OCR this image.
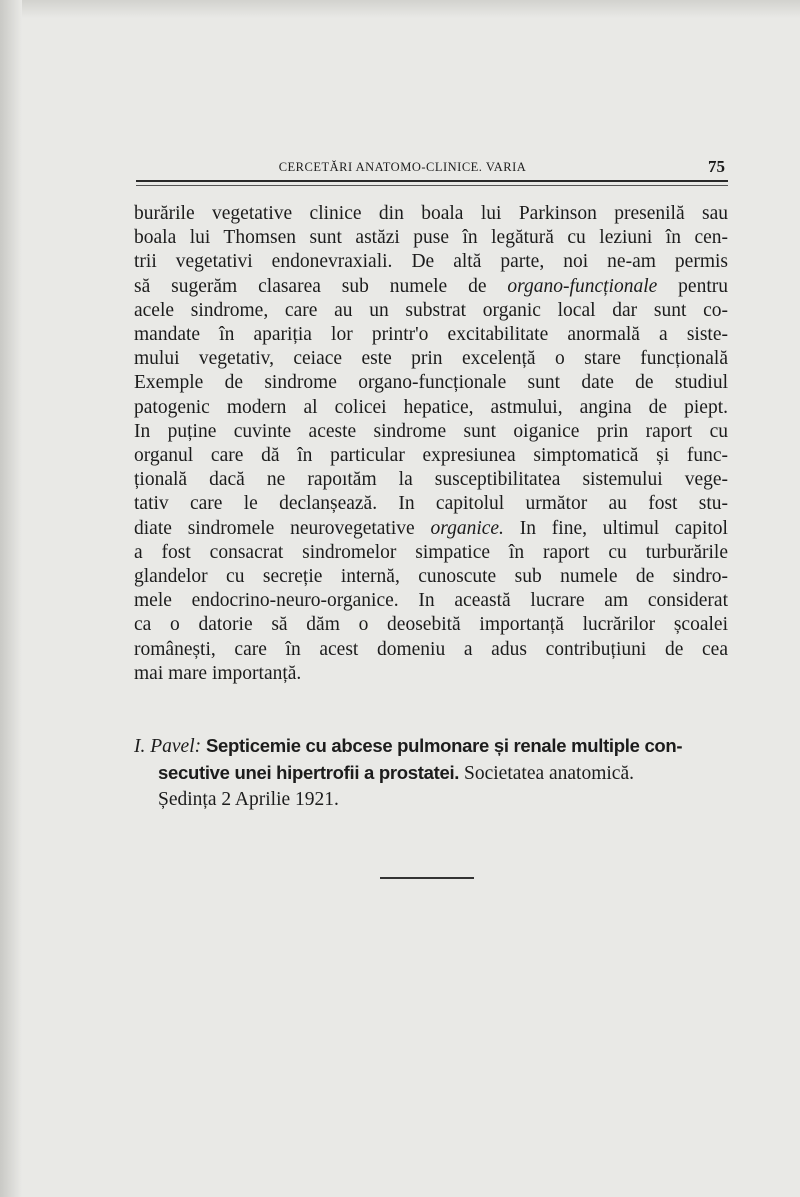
CERCETĂRI ANATOMO-CLINICE. VARIA	75
burările vegetative clinice din boala lui Parkinson presenilă sau
boala lui Thomsen sunt astăzi puse în legătură cu leziuni în cen-
trii vegetativi endonevraxiali. De altă parte, noi ne-am permis
să sugerăm clasarea sub numele de organo-funcționale pentru
acele sindrome, care au un substrat organic local dar sunt co-
mandate în apariția lor printr'o excitabilitate anormală a siste-
mului vegetativ, ceiace este prin excelență o stare funcțională
Exemple de sindrome organo-funcționale sunt date de studiul
patogenic modern al colicei hepatice, astmului, angina de piept.
In puține cuvinte aceste sindrome sunt oiganice prin raport cu
organul care dă în particular expresiunea simptomatică și func-
țională dacă ne rapoıtăm la susceptibilitatea sistemului vege-
tativ care le declanșează. In capitolul următor au fost stu-
diate sindromele neurovegetative organice. In fine, ultimul capitol
a fost consacrat sindromelor simpatice în raport cu turburările
glandelor cu secreție internă, cunoscute sub numele de sindro-
mele endocrino-neuro-organice. In această lucrare am considerat
ca o datorie să dăm o deosebită importanță lucrărilor școalei
românești, care în acest domeniu a adus contribuțiuni de cea
mai mare importanță.
I. Pavel: Septicemie cu abcese pulmonare și renale multiple con-
secutive unei hipertrofii a prostatei. Societatea anatomică.
Ședința 2 Aprilie 1921.
